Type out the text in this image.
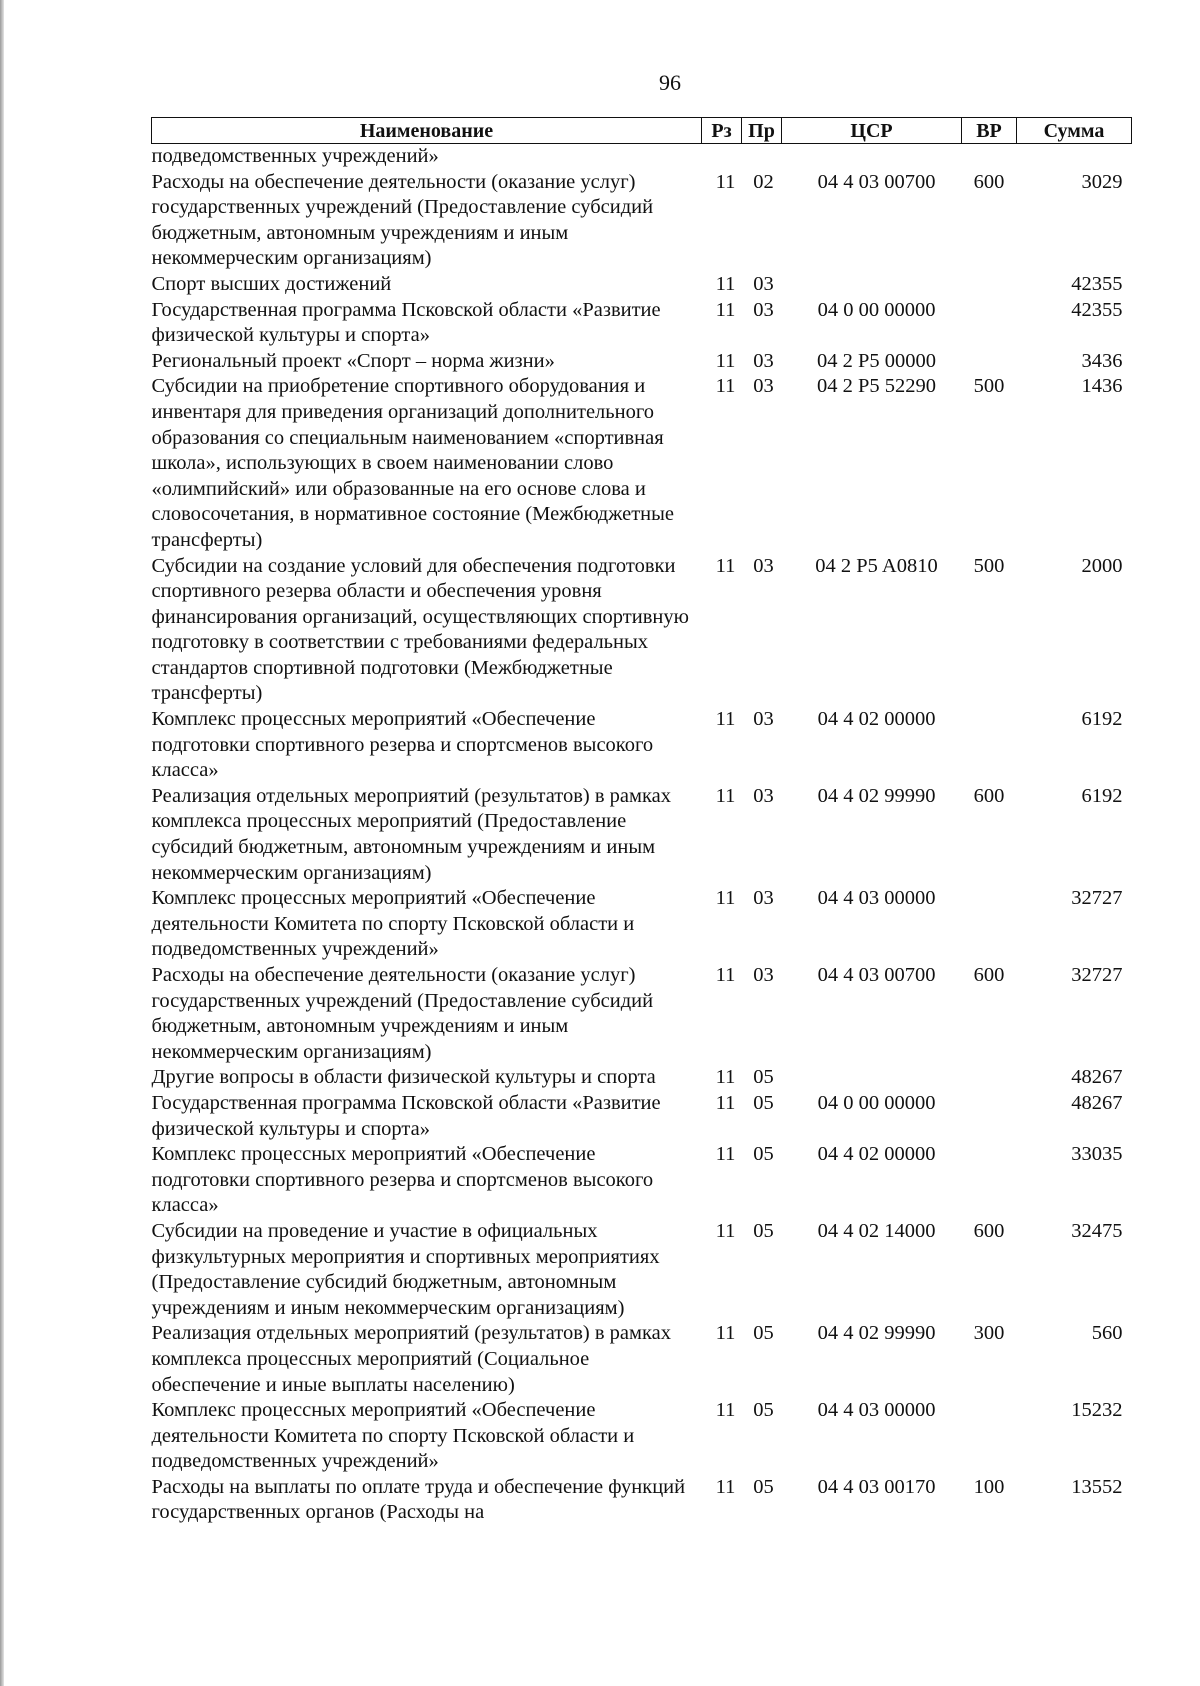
96
Наименование	Рз	Пр	ЦСР	ВР	Сумма
подведомственных учреждений»					
Расходы на обеспечение деятельности (оказание услуг) государственных учреждений (Предоставление субсидий бюджетным, автономным учреждениям и иным некоммерческим организациям)	11	02	04 4 03 00700	600	3029
Спорт высших достижений	11	03			42355
Государственная программа Псковской области «Развитие физической культуры и спорта»	11	03	04 0 00 00000		42355
Региональный проект «Спорт – норма жизни»	11	03	04 2 P5 00000		3436
Субсидии на приобретение спортивного оборудования и инвентаря для приведения организаций дополнительного образования со специальным наименованием «спортивная школа», использующих в своем наименовании слово «олимпийский» или образованные на его основе слова и словосочетания, в нормативное состояние (Межбюджетные трансферты)	11	03	04 2 P5 52290	500	1436
Субсидии на создание условий для обеспечения подготовки спортивного резерва области и обеспечения уровня финансирования организаций, осуществляющих спортивную подготовку в соответствии с требованиями федеральных стандартов спортивной подготовки (Межбюджетные трансферты)	11	03	04 2 P5 A0810	500	2000
Комплекс процессных мероприятий «Обеспечение подготовки спортивного резерва и спортсменов высокого класса»	11	03	04 4 02 00000		6192
Реализация отдельных мероприятий (результатов) в рамках комплекса процессных мероприятий (Предоставление субсидий бюджетным, автономным учреждениям и иным некоммерческим организациям)	11	03	04 4 02 99990	600	6192
Комплекс процессных мероприятий «Обеспечение деятельности Комитета по спорту Псковской области и подведомственных учреждений»	11	03	04 4 03 00000		32727
Расходы на обеспечение деятельности (оказание услуг) государственных учреждений (Предоставление субсидий бюджетным, автономным учреждениям и иным некоммерческим организациям)	11	03	04 4 03 00700	600	32727
Другие вопросы в области физической культуры и спорта	11	05			48267
Государственная программа Псковской области «Развитие физической культуры и спорта»	11	05	04 0 00 00000		48267
Комплекс процессных мероприятий «Обеспечение подготовки спортивного резерва и спортсменов высокого класса»	11	05	04 4 02 00000		33035
Субсидии на проведение и участие в официальных физкультурных мероприятия и спортивных мероприятиях (Предоставление субсидий бюджетным, автономным учреждениям и иным некоммерческим организациям)	11	05	04 4 02 14000	600	32475
Реализация отдельных мероприятий (результатов) в рамках комплекса процессных мероприятий (Социальное обеспечение и иные выплаты населению)	11	05	04 4 02 99990	300	560
Комплекс процессных мероприятий «Обеспечение деятельности Комитета по спорту Псковской области и подведомственных учреждений»	11	05	04 4 03 00000		15232
Расходы на выплаты по оплате труда и обеспечение функций государственных органов (Расходы на	11	05	04 4 03 00170	100	13552
